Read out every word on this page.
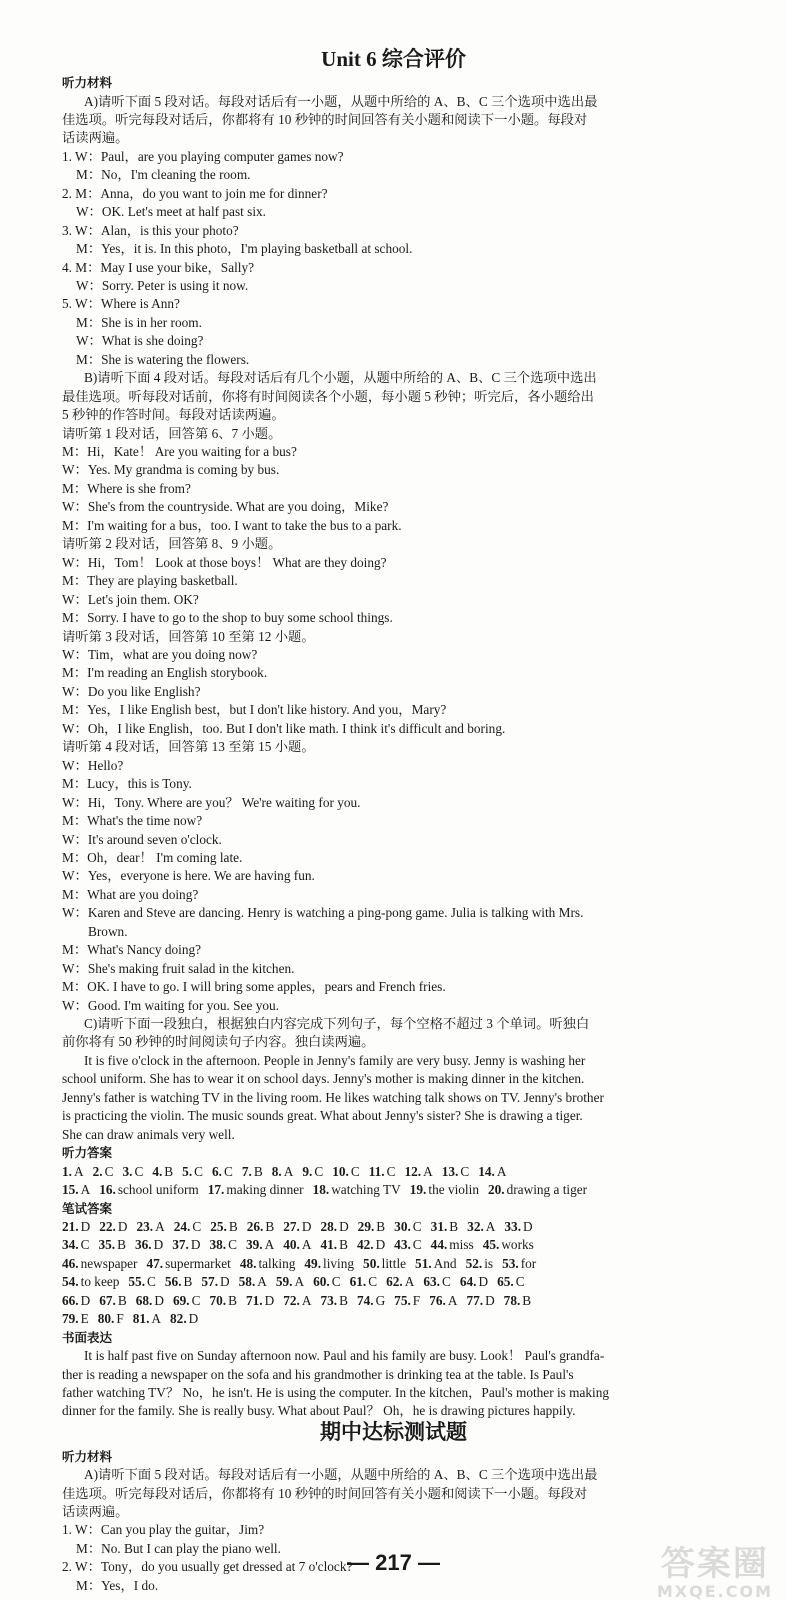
Unit 6 综合评价
听力材料
A)请听下面 5 段对话。每段对话后有一小题，从题中所给的 A、B、C 三个选项中选出最
佳选项。听完每段对话后，你都将有 10 秒钟的时间回答有关小题和阅读下一小题。每段对
话读两遍。
1. W：Paul，are you playing computer games now?
M：No，I'm cleaning the room.
2. M：Anna，do you want to join me for dinner?
W：OK. Let's meet at half past six.
3. W：Alan，is this your photo?
M：Yes，it is. In this photo，I'm playing basketball at school.
4. M：May I use your bike，Sally?
W：Sorry. Peter is using it now.
5. W：Where is Ann?
M：She is in her room.
W：What is she doing?
M：She is watering the flowers.
B)请听下面 4 段对话。每段对话后有几个小题，从题中所给的 A、B、C 三个选项中选出
最佳选项。听每段对话前，你将有时间阅读各个小题，每小题 5 秒钟；听完后，各小题给出
5 秒钟的作答时间。每段对话读两遍。
请听第 1 段对话，回答第 6、7 小题。
M：Hi，Kate！ Are you waiting for a bus?
W：Yes. My grandma is coming by bus.
M：Where is she from?
W：She's from the countryside. What are you doing，Mike?
M：I'm waiting for a bus，too. I want to take the bus to a park.
请听第 2 段对话，回答第 8、9 小题。
W：Hi，Tom！ Look at those boys！ What are they doing?
M：They are playing basketball.
W：Let's join them. OK?
M：Sorry. I have to go to the shop to buy some school things.
请听第 3 段对话，回答第 10 至第 12 小题。
W：Tim，what are you doing now?
M：I'm reading an English storybook.
W：Do you like English?
M：Yes，I like English best，but I don't like history. And you，Mary?
W：Oh，I like English，too. But I don't like math. I think it's difficult and boring.
请听第 4 段对话，回答第 13 至第 15 小题。
W：Hello?
M：Lucy，this is Tony.
W：Hi，Tony. Where are you？ We're waiting for you.
M：What's the time now?
W：It's around seven o'clock.
M：Oh，dear！ I'm coming late.
W：Yes，everyone is here. We are having fun.
M：What are you doing?
W：Karen and Steve are dancing. Henry is watching a ping-pong game. Julia is talking with Mrs.
Brown.
M：What's Nancy doing?
W：She's making fruit salad in the kitchen.
M：OK. I have to go. I will bring some apples，pears and French fries.
W：Good. I'm waiting for you. See you.
C)请听下面一段独白，根据独白内容完成下列句子，每个空格不超过 3 个单词。听独白
前你将有 50 秒钟的时间阅读句子内容。独白读两遍。
It is five o'clock in the afternoon. People in Jenny's family are very busy. Jenny is washing her
school uniform. She has to wear it on school days. Jenny's mother is making dinner in the kitchen.
Jenny's father is watching TV in the living room. He likes watching talk shows on TV. Jenny's brother
is practicing the violin. The music sounds great. What about Jenny's sister? She is drawing a tiger.
She can draw animals very well.
听力答案
1. A 2. C 3. C 4. B 5. C 6. C 7. B 8. A 9. C 10. C 11. C 12. A 13. C 14. A
15. A 16. school uniform 17. making dinner 18. watching TV 19. the violin 20. drawing a tiger
笔试答案
21. D 22. D 23. A 24. C 25. B 26. B 27. D 28. D 29. B 30. C 31. B 32. A 33. D
34. C 35. B 36. D 37. D 38. C 39. A 40. A 41. B 42. D 43. C 44. miss 45. works
46. newspaper 47. supermarket 48. talking 49. living 50. little 51. And 52. is 53. for
54. to keep 55. C 56. B 57. D 58. A 59. A 60. C 61. C 62. A 63. C 64. D 65. C
66. D 67. B 68. D 69. C 70. B 71. D 72. A 73. B 74. G 75. F 76. A 77. D 78. B
79. E 80. F 81. A 82. D
书面表达
It is half past five on Sunday afternoon now. Paul and his family are busy. Look！ Paul's grandfa-
ther is reading a newspaper on the sofa and his grandmother is drinking tea at the table. Is Paul's
father watching TV？ No，he isn't. He is using the computer. In the kitchen，Paul's mother is making
dinner for the family. She is really busy. What about Paul？ Oh，he is drawing pictures happily.
期中达标测试题
听力材料
A)请听下面 5 段对话。每段对话后有一小题，从题中所给的 A、B、C 三个选项中选出最
佳选项。听完每段对话后，你都将有 10 秒钟的时间回答有关小题和阅读下一小题。每段对
话读两遍。
1. W：Can you play the guitar，Jim?
M：No. But I can play the piano well.
2. W：Tony，do you usually get dressed at 7 o'clock?
M：Yes，I do.
— 217 —	答案圈
MXQE.COM
